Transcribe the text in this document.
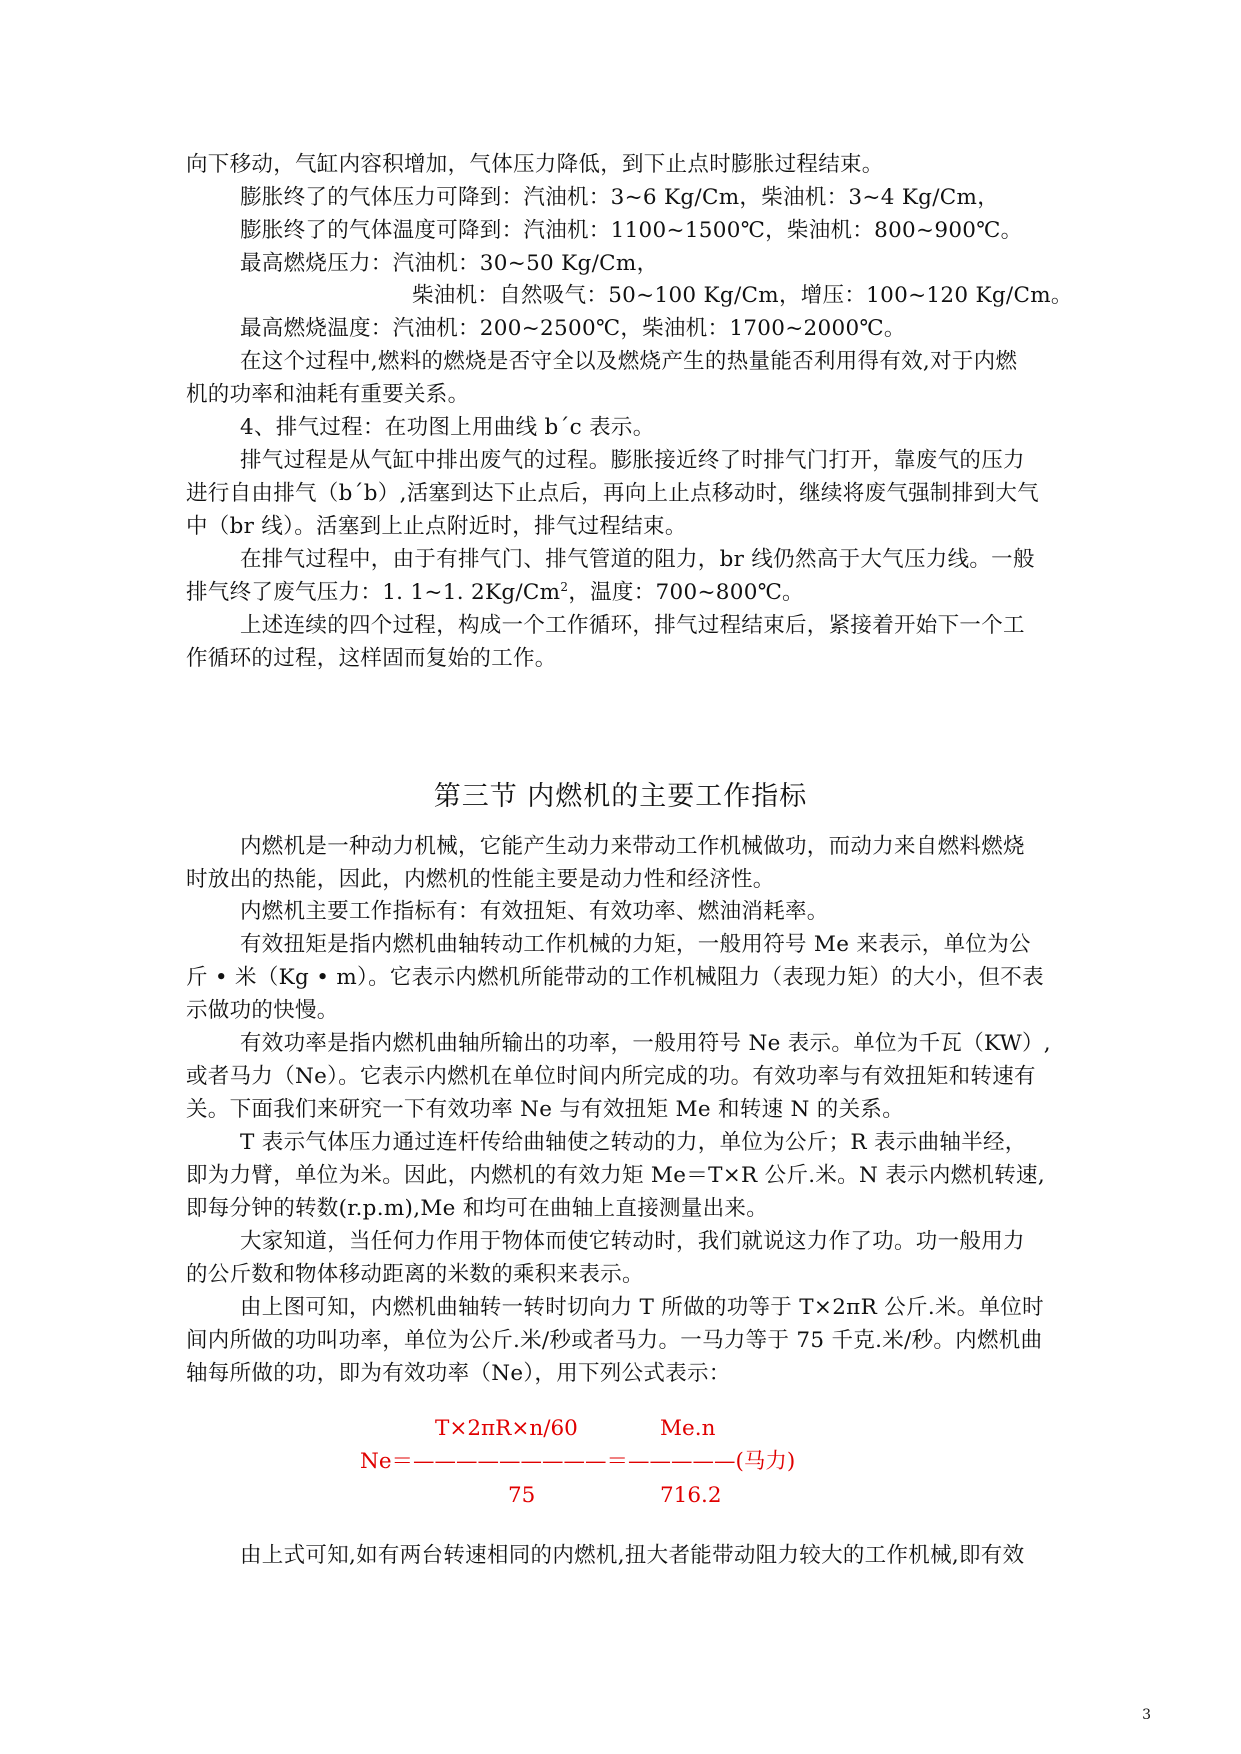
向下移动，气缸内容积增加，气体压力降低，到下止点时膨胀过程结束。
膨胀终了的气体压力可降到：汽油机：3~6 Kg/Cm，柴油机：3~4 Kg/Cm，
膨胀终了的气体温度可降到：汽油机：1100~1500℃，柴油机：800~900℃。
最高燃烧压力：汽油机：30~50 Kg/Cm，
柴油机：自然吸气：50~100 Kg/Cm，增压：100~120 Kg/Cm。
最高燃烧温度：汽油机：200~2500℃，柴油机：1700~2000℃。
在这个过程中,燃料的燃烧是否守全以及燃烧产生的热量能否利用得有效,对于内燃
机的功率和油耗有重要关系。
4、排气过程：在功图上用曲线 b´c 表示。
排气过程是从气缸中排出废气的过程。膨胀接近终了时排气门打开，靠废气的压力
进行自由排气（b´b）,活塞到达下止点后，再向上止点移动时，继续将废气强制排到大气
中（br 线）。活塞到上止点附近时，排气过程结束。
在排气过程中，由于有排气门、排气管道的阻力，br 线仍然高于大气压力线。一般
排气终了废气压力：1. 1~1. 2Kg/Cm$^2$，温度：700~800℃。
上述连续的四个过程，构成一个工作循环，排气过程结束后，紧接着开始下一个工
作循环的过程，这样固而复始的工作。
第三节 内燃机的主要工作指标
内燃机是一种动力机械，它能产生动力来带动工作机械做功，而动力来自燃料燃烧
时放出的热能，因此，内燃机的性能主要是动力性和经济性。
内燃机主要工作指标有：有效扭矩、有效功率、燃油消耗率。
有效扭矩是指内燃机曲轴转动工作机械的力矩，一般用符号 Me 来表示，单位为公
斤 • 米（Kg • m）。它表示内燃机所能带动的工作机械阻力（表现力矩）的大小，但不表
示做功的快慢。
有效功率是指内燃机曲轴所输出的功率，一般用符号 Ne 表示。单位为千瓦（KW）,
或者马力（Ne）。它表示内燃机在单位时间内所完成的功。有效功率与有效扭矩和转速有
关。下面我们来研究一下有效功率 Ne 与有效扭矩 Me 和转速 N 的关系。
T 表示气体压力通过连杆传给曲轴使之转动的力，单位为公斤；R 表示曲轴半经，
即为力臂，单位为米。因此，内燃机的有效力矩 Me＝T×R 公斤.米。N 表示内燃机转速,
即每分钟的转数(r.p.m),Me 和均可在曲轴上直接测量出来。
大家知道，当任何力作用于物体而使它转动时，我们就说这力作了功。功一般用力
的公斤数和物体移动距离的米数的乘积来表示。
由上图可知，内燃机曲轴转一转时切向力 T 所做的功等于 T×2πR 公斤.米。单位时
间内所做的功叫功率，单位为公斤.米/秒或者马力。一马力等于 75 千克.米/秒。内燃机曲
轴每所做的功，即为有效功率（Ne），用下列公式表示：
T×2πR×n/60	Me.n
Ne＝—————————＝—————(马力)
75	716.2
由上式可知,如有两台转速相同的内燃机,扭大者能带动阻力较大的工作机械,即有效
3
